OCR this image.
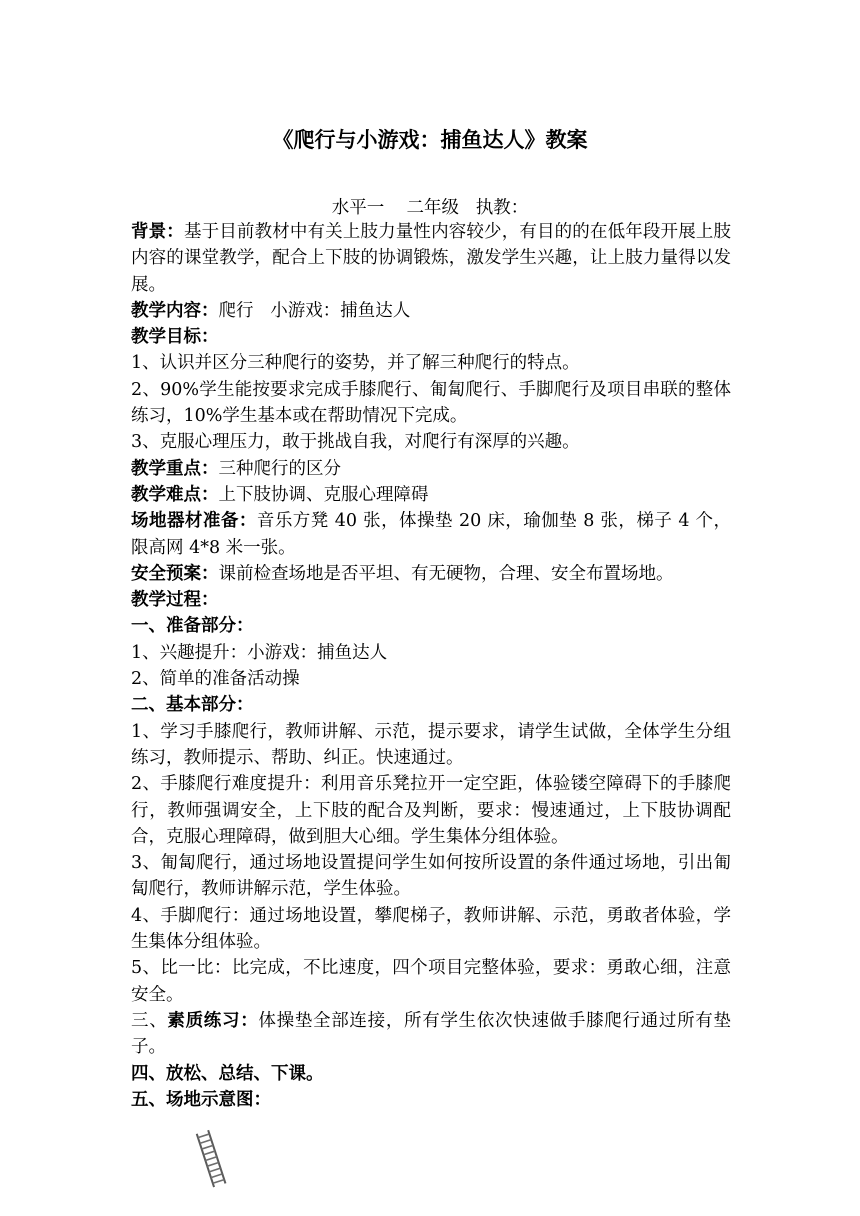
《爬行与小游戏：捕鱼达人》教案
水平一    二年级   执教：

背景：基于目前教材中有关上肢力量性内容较少，有目的的在低年段开展上肢内容的课堂教学，配合上下肢的协调锻炼，激发学生兴趣，让上肢力量得以发展。

教学内容：爬行   小游戏：捕鱼达人

教学目标：

1、认识并区分三种爬行的姿势，并了解三种爬行的特点。

2、90%学生能按要求完成手膝爬行、匍匐爬行、手脚爬行及项目串联的整体练习，10%学生基本或在帮助情况下完成。

3、克服心理压力，敢于挑战自我，对爬行有深厚的兴趣。

教学重点：三种爬行的区分

教学难点：上下肢协调、克服心理障碍

场地器材准备：音乐方凳 40 张，体操垫 20 床，瑜伽垫 8 张，梯子 4 个，限高网 4*8 米一张。

安全预案：课前检查场地是否平坦、有无硬物，合理、安全布置场地。

教学过程：

一、准备部分：

1、兴趣提升：小游戏：捕鱼达人

2、简单的准备活动操

二、基本部分：

1、学习手膝爬行，教师讲解、示范，提示要求，请学生试做，全体学生分组练习，教师提示、帮助、纠正。快速通过。

2、手膝爬行难度提升：利用音乐凳拉开一定空距，体验镂空障碍下的手膝爬行，教师强调安全，上下肢的配合及判断，要求：慢速通过，上下肢协调配合，克服心理障碍，做到胆大心细。学生集体分组体验。

3、匍匐爬行，通过场地设置提问学生如何按所设置的条件通过场地，引出匍匐爬行，教师讲解示范，学生体验。

4、手脚爬行：通过场地设置，攀爬梯子，教师讲解、示范，勇敢者体验，学生集体分组体验。

5、比一比：比完成，不比速度，四个项目完整体验，要求：勇敢心细，注意安全。

三、素质练习：体操垫全部连接，所有学生依次快速做手膝爬行通过所有垫子。

四、放松、总结、下课。

五、场地示意图：
